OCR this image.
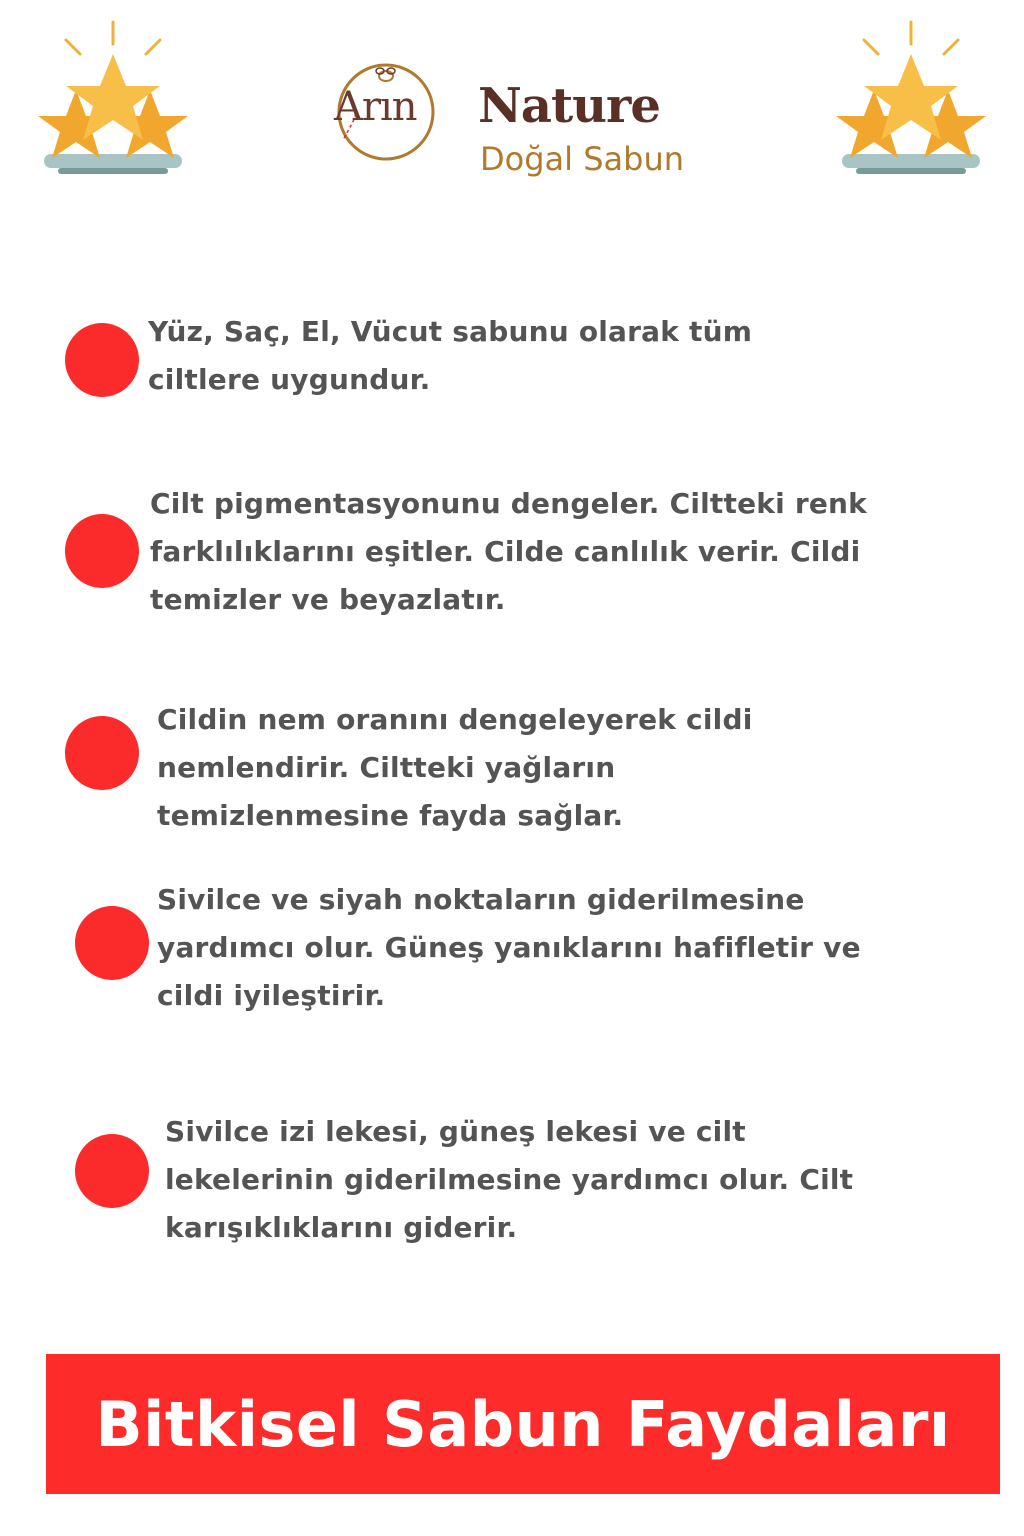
Arın Nature
Doğal Sabun

Yüz, Saç, El, Vücut sabunu olarak tüm
ciltlere uygundur.

Cilt pigmentasyonunu dengeler. Ciltteki renk
farklılıklarını eşitler. Cilde canlılık verir. Cildi
temizler ve beyazlatır.

Cildin nem oranını dengeleyerek cildi
nemlendirir. Ciltteki yağların
temizlenmesine fayda sağlar.

Sivilce ve siyah noktaların giderilmesine
yardımcı olur. Güneş yanıklarını hafifletir ve
cildi iyileştirir.

Sivilce izi lekesi, güneş lekesi ve cilt
lekelerinin giderilmesine yardımcı olur. Cilt
karışıklıklarını giderir.

Bitkisel Sabun Faydaları
